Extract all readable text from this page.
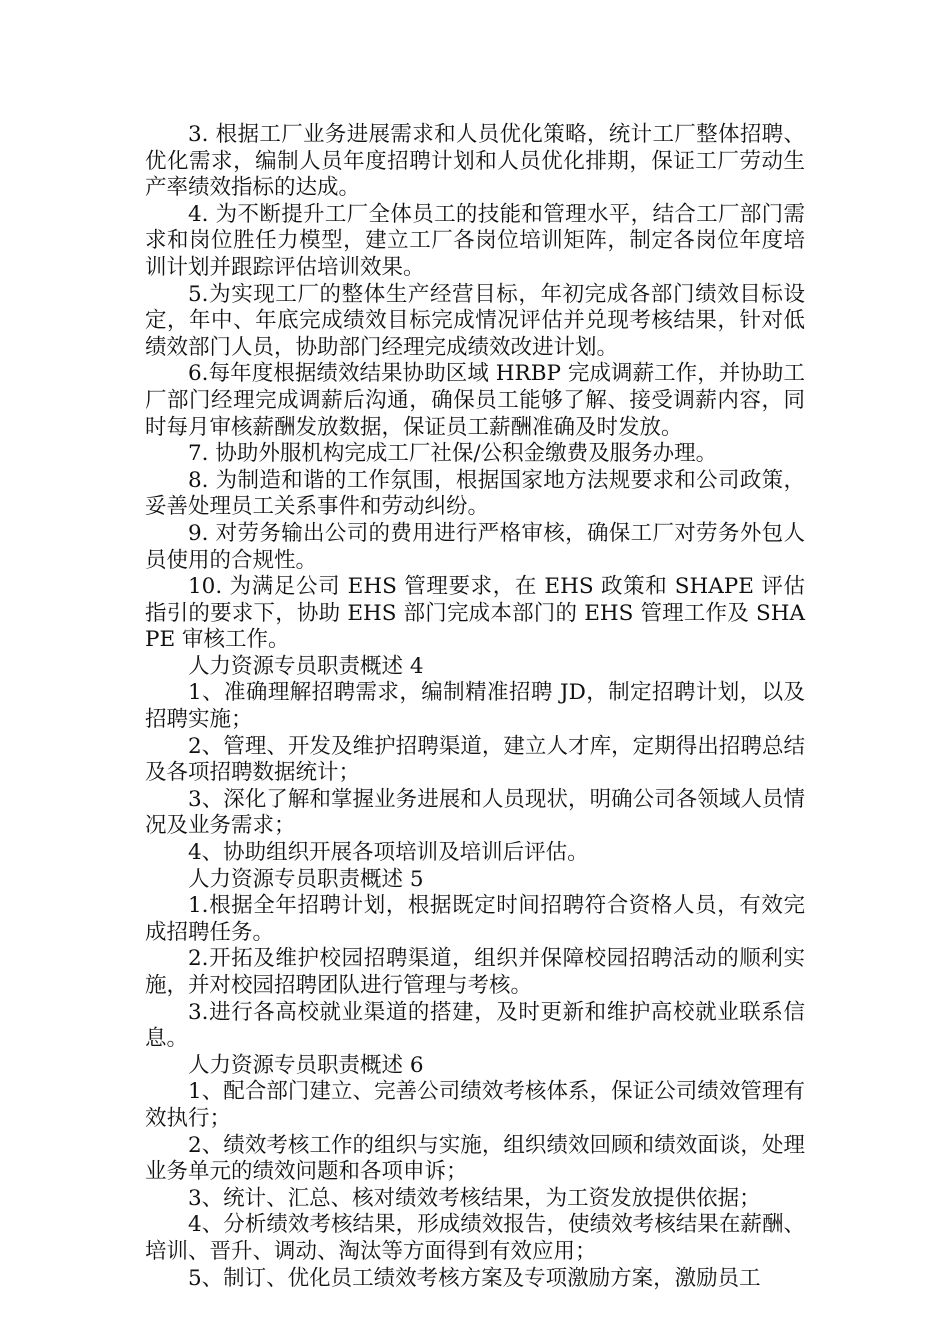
3. 根据工厂业务进展需求和人员优化策略，统计工厂整体招聘、优化需求，编制人员年度招聘计划和人员优化排期，保证工厂劳动生产率绩效指标的达成。

4. 为不断提升工厂全体员工的技能和管理水平，结合工厂部门需求和岗位胜任力模型，建立工厂各岗位培训矩阵，制定各岗位年度培训计划并跟踪评估培训效果。

5.为实现工厂的整体生产经营目标，年初完成各部门绩效目标设定，年中、年底完成绩效目标完成情况评估并兑现考核结果，针对低绩效部门人员，协助部门经理完成绩效改进计划。

6.每年度根据绩效结果协助区域 HRBP 完成调薪工作，并协助工厂部门经理完成调薪后沟通，确保员工能够了解、接受调薪内容，同时每月审核薪酬发放数据，保证员工薪酬准确及时发放。

7. 协助外服机构完成工厂社保/公积金缴费及服务办理。

8. 为制造和谐的工作氛围，根据国家地方法规要求和公司政策，妥善处理员工关系事件和劳动纠纷。

9. 对劳务输出公司的费用进行严格审核，确保工厂对劳务外包人员使用的合规性。

10. 为满足公司 EHS 管理要求，在 EHS 政策和 SHAPE 评估指引的要求下，协助 EHS 部门完成本部门的 EHS 管理工作及 SHAPE 审核工作。

人力资源专员职责概述 4

1、准确理解招聘需求，编制精准招聘 JD，制定招聘计划，以及招聘实施；

2、管理、开发及维护招聘渠道，建立人才库，定期得出招聘总结及各项招聘数据统计；

3、深化了解和掌握业务进展和人员现状，明确公司各领域人员情况及业务需求；

4、协助组织开展各项培训及培训后评估。

人力资源专员职责概述 5

1.根据全年招聘计划，根据既定时间招聘符合资格人员，有效完成招聘任务。

2.开拓及维护校园招聘渠道，组织并保障校园招聘活动的顺利实施，并对校园招聘团队进行管理与考核。

3.进行各高校就业渠道的搭建，及时更新和维护高校就业联系信息。

人力资源专员职责概述 6

1、配合部门建立、完善公司绩效考核体系，保证公司绩效管理有效执行；

2、绩效考核工作的组织与实施，组织绩效回顾和绩效面谈，处理业务单元的绩效问题和各项申诉；

3、统计、汇总、核对绩效考核结果，为工资发放提供依据；

4、分析绩效考核结果，形成绩效报告，使绩效考核结果在薪酬、培训、晋升、调动、淘汰等方面得到有效应用；

5、制订、优化员工绩效考核方案及专项激励方案，激励员工
